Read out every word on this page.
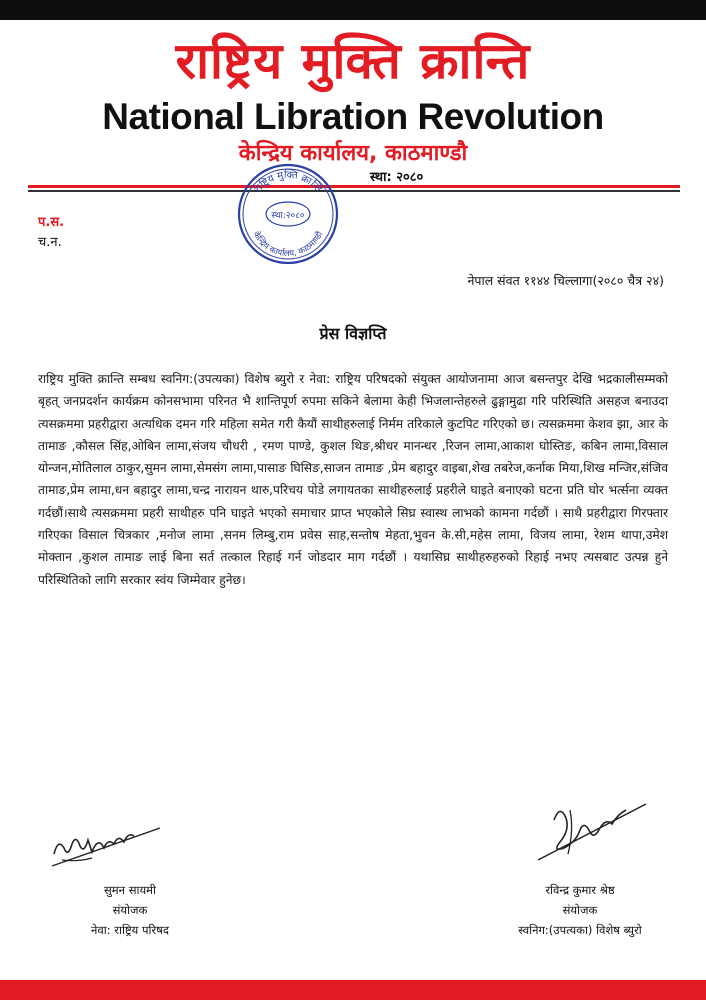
राष्ट्रिय मुक्ति क्रान्ति
National Libration Revolution
केन्द्रिय कार्यालय, काठमाण्डौ
स्था: २०८०
राष्ट्रिय मुक्ति क्रान्ति
स्था:२०८०
केन्द्रिय कार्यालय, काठमाण्डौ
प.स.
च.न.
नेपाल संवत ११४४ चिल्लागा(२०८० चैत्र २४)
प्रेस विज्ञप्ति
राष्ट्रिय मुक्ति क्रान्ति सम्बध स्वनिग:(उपत्यका) विशेष ब्युरो र नेवा: राष्ट्रिय परिषदको संयुक्त आयोजनामा आज बसन्तपुर देखि भद्रकालीसम्मको बृहत् जनप्रदर्शन कार्यक्रम कोनसभामा परिनत भै शान्तिपूर्ण रुपमा सकिने बेलामा केही भिजलान्तेहरुले ढुङ्गामुढा गरि परिस्थिति असहज बनाउदा त्यसक्रममा प्रहरीद्वारा अत्यधिक दमन गरि महिला समेत गरी कैयौं साथीहरुलाई निर्मम तरिकाले कुटपिट गरिएको छ। त्यसक्रममा केशव झा, आर के तामाङ ,कौसल सिंह,ओबिन लामा,संजय चौधरी , रमण पाण्डे, कुशल थिङ,श्रीधर मानन्धर ,रिजन लामा,आकाश घोस्तिङ, कबिन लामा,विसाल योन्जन,मोतिलाल ठाकुर,सुमन लामा,सेमसंग लामा,पासाङ घिसिङ,साजन तामाङ ,प्रेम बहादुर वाइबा,शेख तबरेज,कर्नाक मिया,शिख मन्जिर,संजिव तामाङ,प्रेम लामा,धन बहादुर लामा,चन्द्र नारायन थारु,परिचय पोडे लगायतका साथीहरुलाई प्रहरीले घाइते बनाएको घटना प्रति घोर भर्त्सना व्यक्त गर्दछौं।साथै त्यसक्रममा प्रहरी साथीहरु पनि घाइते भएको समाचार प्राप्त भएकोले सिघ्र स्वास्थ लाभको कामना गर्दछौं । साथै प्रहरीद्वारा गिरफ्तार गरिएका विसाल चित्रकार ,मनोज लामा ,सनम लिम्बु,राम प्रवेस साह,सन्तोष मेहता,भुवन के.सी,महेस लामा, विजय लामा, रेशम थापा,उमेश मोक्तान ,कुशल तामाङ लाई बिना सर्त तत्काल रिहाई गर्न जोडदार माग गर्दछौं । यथासिघ्र साथीहरुहरुको रिहाई नभए त्यसबाट उत्पन्न हुने परिस्थितिको लागि सरकार स्वंय जिम्मेवार हुनेछ।
सुमन सायमी
संयोजक
नेवा: राष्ट्रिय परिषद
रविन्द्र कुमार श्रेष्ठ
संयोजक
स्वनिग:(उपत्यका) विशेष ब्युरो
